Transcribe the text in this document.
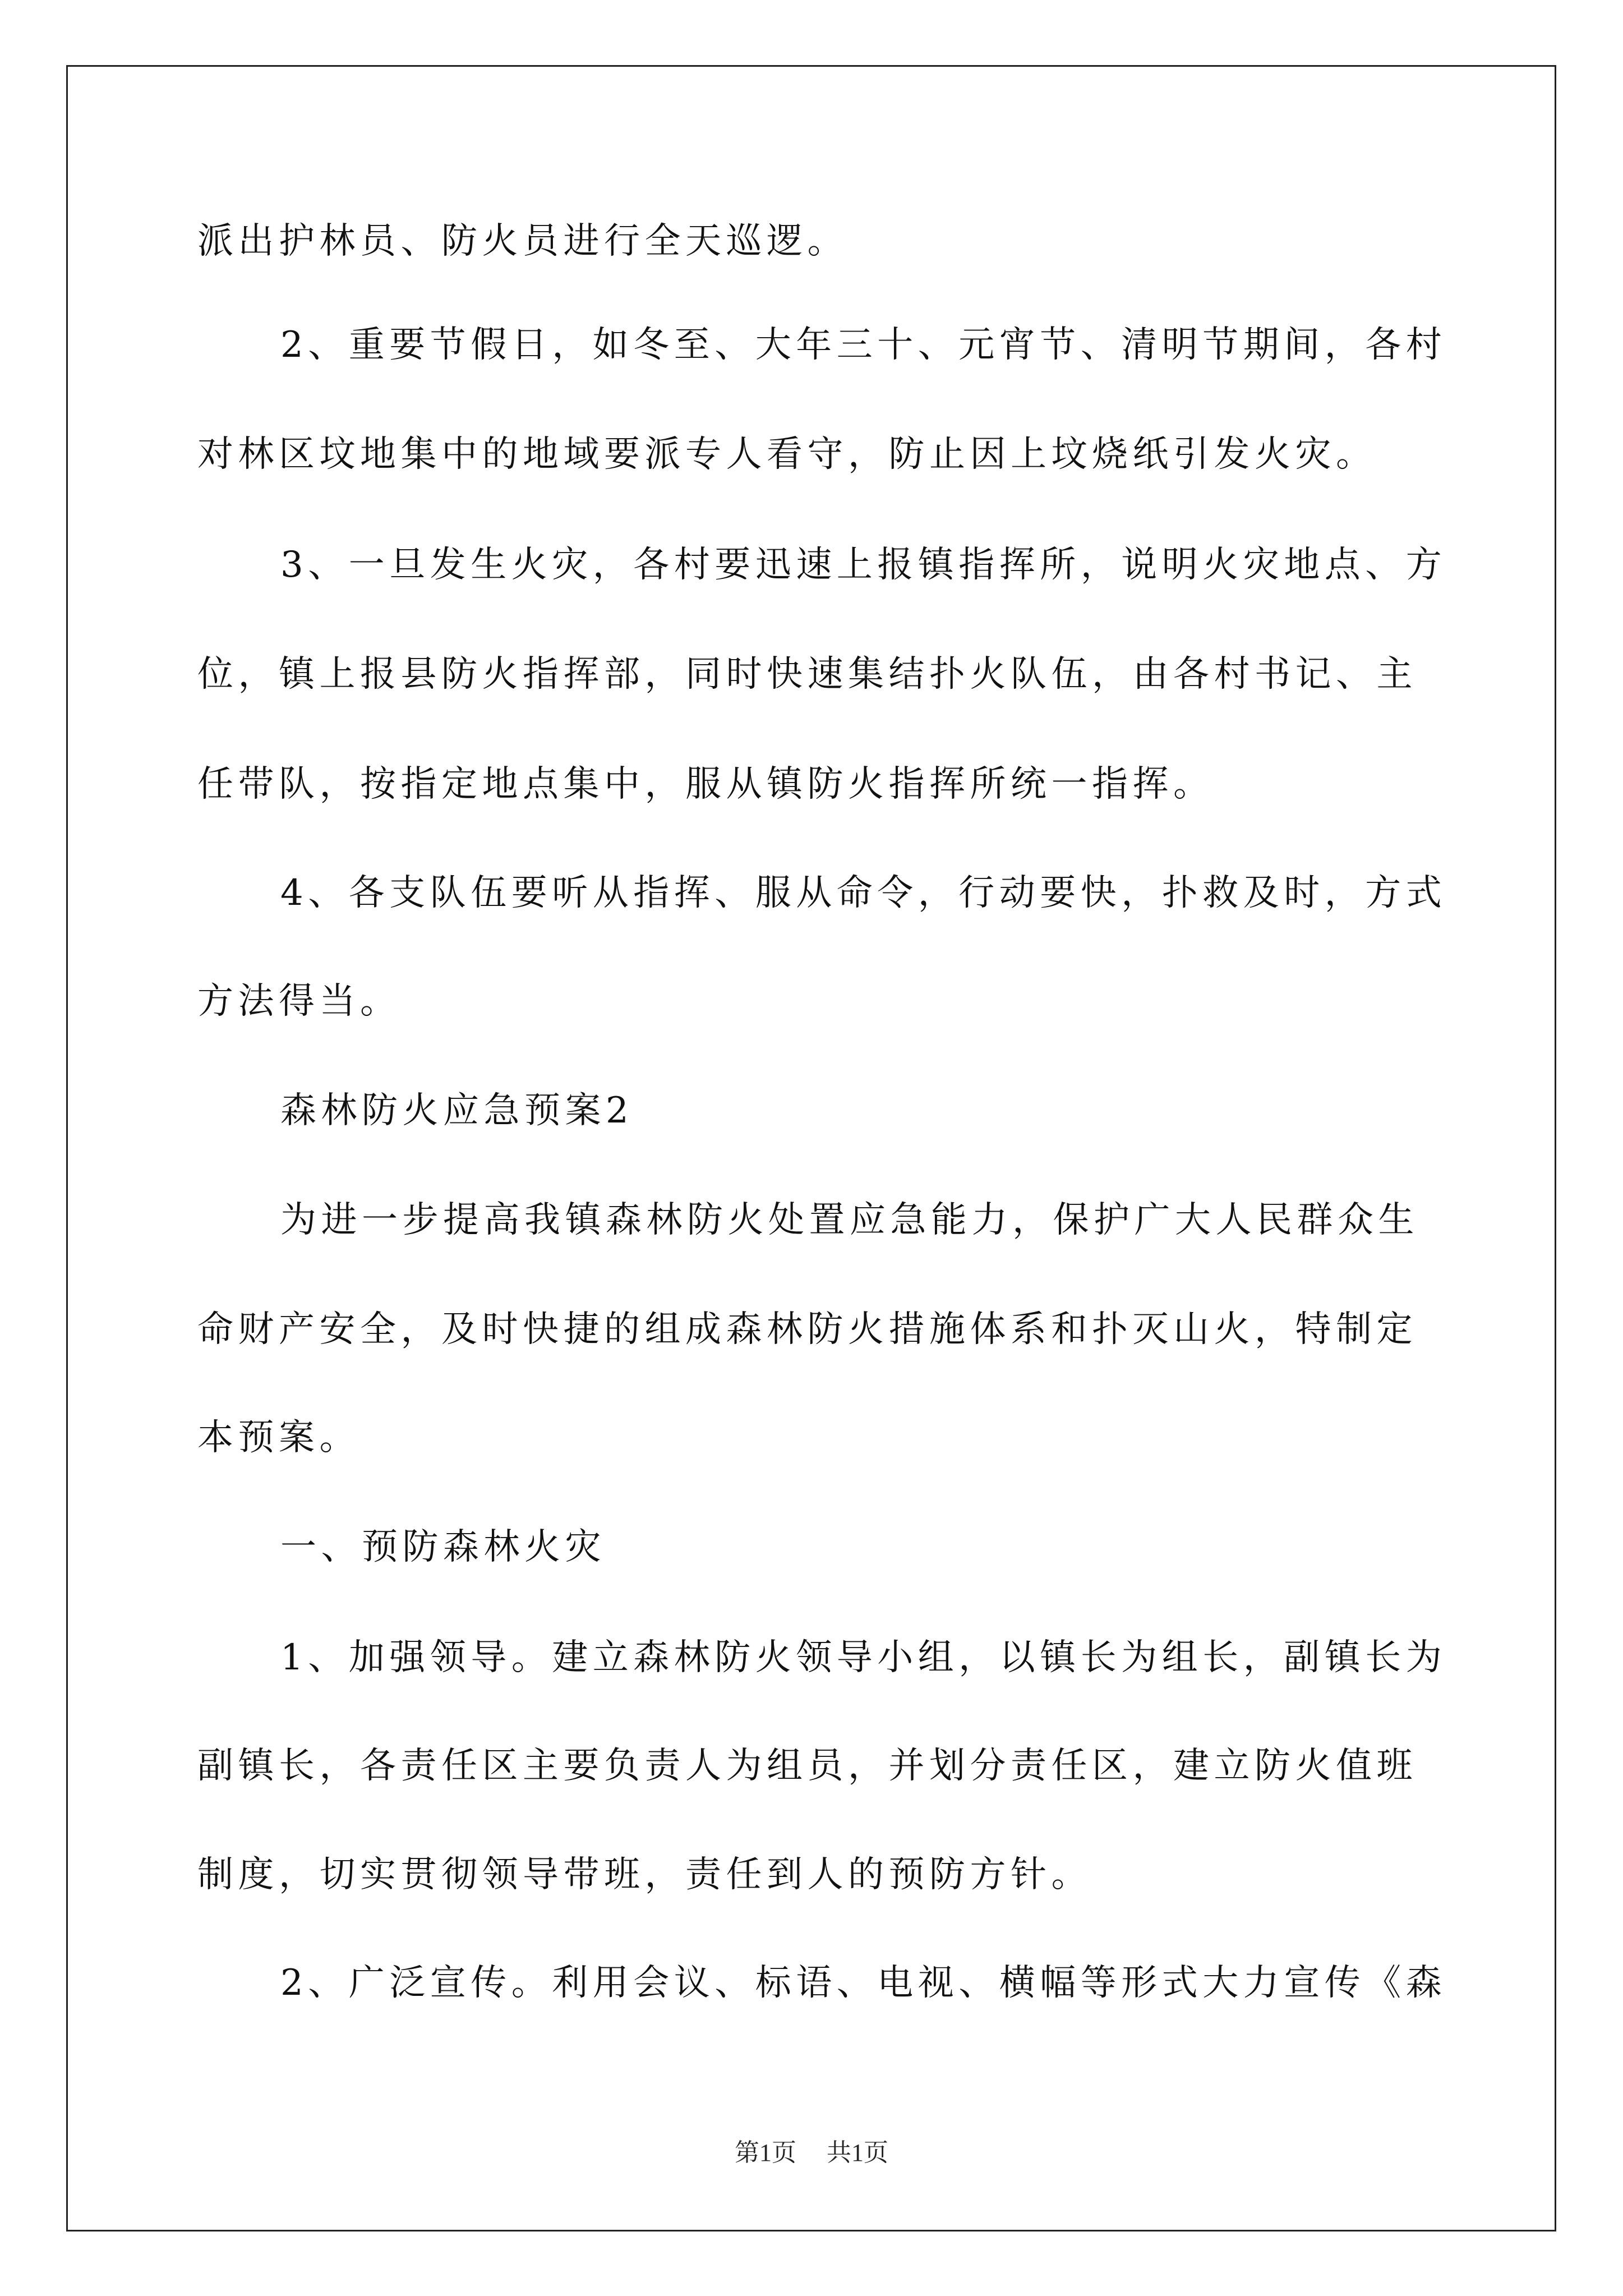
派出护林员、防火员进行全天巡逻。
2、重要节假日，如冬至、大年三十、元宵节、清明节期间，各村
对林区坟地集中的地域要派专人看守，防止因上坟烧纸引发火灾。
3、一旦发生火灾，各村要迅速上报镇指挥所，说明火灾地点、方
位，镇上报县防火指挥部，同时快速集结扑火队伍，由各村书记、主
任带队，按指定地点集中，服从镇防火指挥所统一指挥。
4、各支队伍要听从指挥、服从命令，行动要快，扑救及时，方式
方法得当。
森林防火应急预案2
为进一步提高我镇森林防火处置应急能力，保护广大人民群众生
命财产安全，及时快捷的组成森林防火措施体系和扑灭山火，特制定
本预案。
一、预防森林火灾
1、加强领导。建立森林防火领导小组，以镇长为组长，副镇长为
副镇长，各责任区主要负责人为组员，并划分责任区，建立防火值班
制度，切实贯彻领导带班，责任到人的预防方针。
2、广泛宣传。利用会议、标语、电视、横幅等形式大力宣传《森
第1页 共1页
